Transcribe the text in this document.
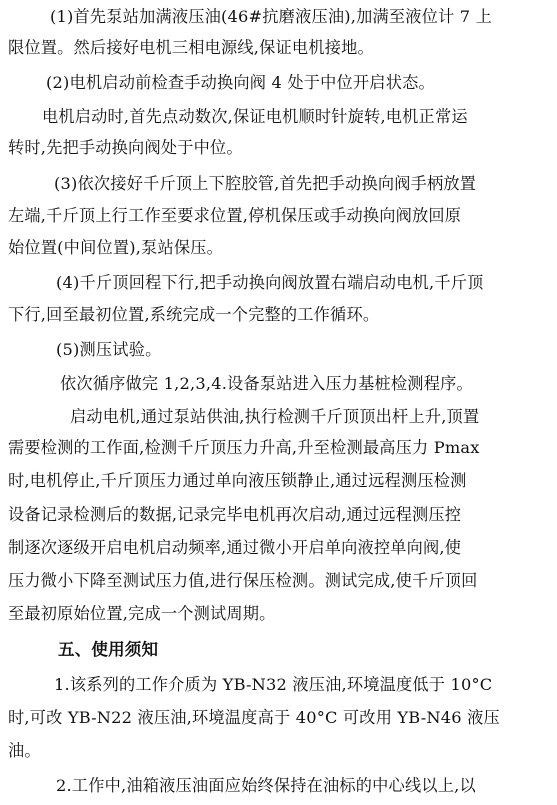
(1)首先泵站加满液压油(46#抗磨液压油),加满至液位计 7 上
限位置。然后接好电机三相电源线,保证电机接地。
(2)电机启动前检查手动换向阀 4 处于中位开启状态。
电机启动时,首先点动数次,保证电机顺时针旋转,电机正常运
转时,先把手动换向阀处于中位。
(3)依次接好千斤顶上下腔胶管,首先把手动换向阀手柄放置
左端,千斤顶上行工作至要求位置,停机保压或手动换向阀放回原
始位置(中间位置),泵站保压。
(4)千斤顶回程下行,把手动换向阀放置右端启动电机,千斤顶
下行,回至最初位置,系统完成一个完整的工作循环。
(5)测压试验。
依次循序做完 1,2,3,4.设备泵站进入压力基桩检测程序。
启动电机,通过泵站供油,执行检测千斤顶顶出杆上升,顶置
需要检测的工作面,检测千斤顶压力升高,升至检测最高压力 Pmax
时,电机停止,千斤顶压力通过单向液压锁静止,通过远程测压检测
设备记录检测后的数据,记录完毕电机再次启动,通过远程测压控
制逐次逐级开启电机启动频率,通过微小开启单向液控单向阀,使
压力微小下降至测试压力值,进行保压检测。测试完成,使千斤顶回
至最初原始位置,完成一个测试周期。
五、使用须知
1.该系列的工作介质为 YB-N32 液压油,环境温度低于 10°C
时,可改 YB-N22 液压油,环境温度高于 40°C 可改用 YB-N46 液压
油。
2.工作中,油箱液压油面应始终保持在油标的中心线以上,以
